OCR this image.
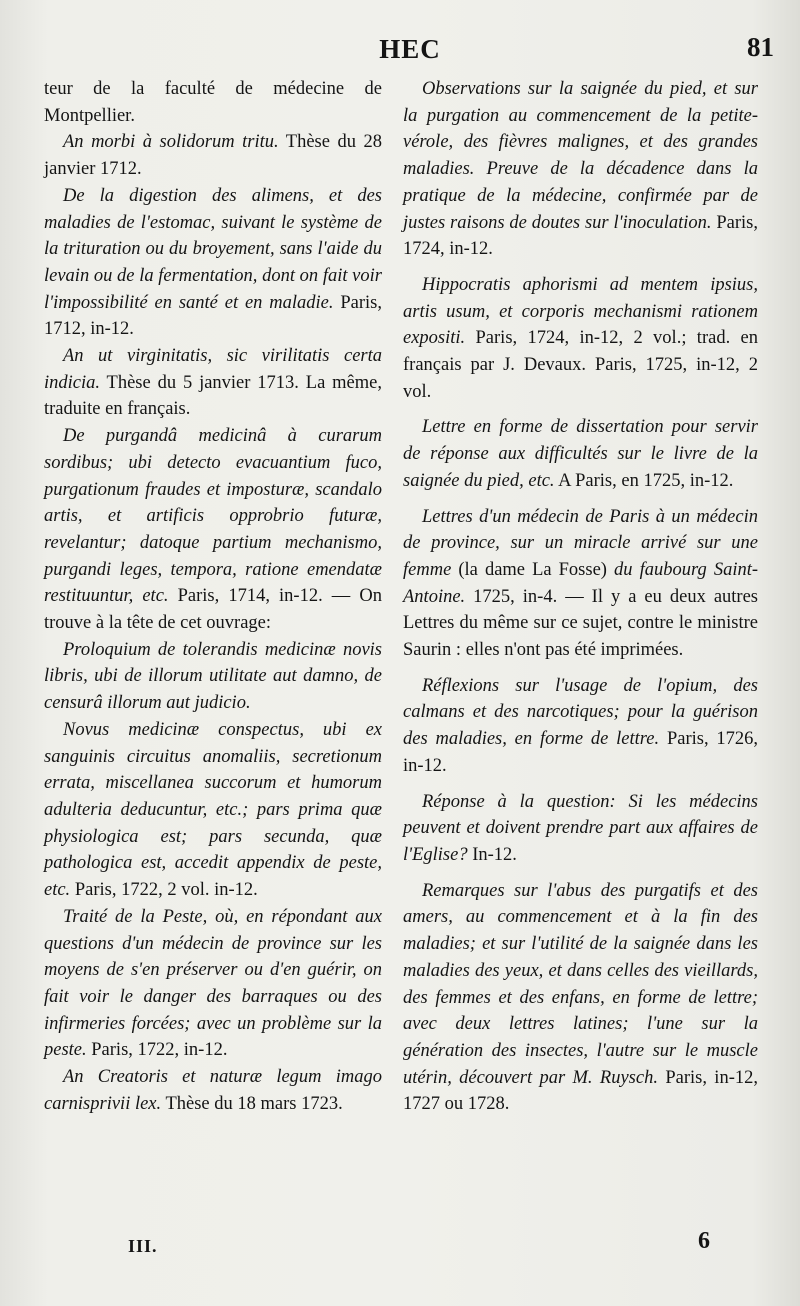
HEC	81

teur de la faculté de médecine de Montpellier.

An morbi à solidorum tritu. Thèse du 28 janvier 1712.

De la digestion des alimens, et des maladies de l'estomac, suivant le système de la trituration ou du broyement, sans l'aide du levain ou de la fermentation, dont on fait voir l'impossibilité en santé et en maladie. Paris, 1712, in-12.

An ut virginitatis, sic virilitatis certa indicia. Thèse du 5 janvier 1713. La même, traduite en français.

De purgandâ medicinâ à curarum sordibus; ubi detecto evacuantium fuco, purgationum fraudes et imposturæ, scandalo artis, et artificis opprobrio futuræ, revelantur; datoque partium mechanismo, purgandi leges, tempora, ratione emendatæ restituuntur, etc. Paris, 1714, in-12. — On trouve à la tête de cet ouvrage:

Proloquium de tolerandis medicinæ novis libris, ubi de illorum utilitate aut damno, de censurâ illorum aut judicio.

Novus medicinæ conspectus, ubi ex sanguinis circuitus anomaliis, secretionum errata, miscellanea succorum et humorum adulteria deducuntur, etc.; pars prima quæ physiologica est; pars secunda, quæ pathologica est, accedit appendix de peste, etc. Paris, 1722, 2 vol. in-12.

Traité de la Peste, où, en répondant aux questions d'un médecin de province sur les moyens de s'en préserver ou d'en guérir, on fait voir le danger des barraques ou des infirmeries forcées; avec un problème sur la peste. Paris, 1722, in-12.

An Creatoris et naturæ legum imago carnisprivii lex. Thèse du 18 mars 1723.

Observations sur la saignée du pied, et sur la purgation au commencement de la petite-vérole, des fièvres malignes, et des grandes maladies. Preuve de la décadence dans la pratique de la médecine, confirmée par de justes raisons de doutes sur l'inoculation. Paris, 1724, in-12.

Hippocratis aphorismi ad mentem ipsius, artis usum, et corporis mechanismi rationem expositi. Paris, 1724, in-12, 2 vol.; trad. en français par J. Devaux. Paris, 1725, in-12, 2 vol.

Lettre en forme de dissertation pour servir de réponse aux difficultés sur le livre de la saignée du pied, etc. A Paris, en 1725, in-12.

Lettres d'un médecin de Paris à un médecin de province, sur un miracle arrivé sur une femme (la dame La Fosse) du faubourg Saint-Antoine. 1725, in-4. — Il y a eu deux autres Lettres du même sur ce sujet, contre le ministre Saurin : elles n'ont pas été imprimées.

Réflexions sur l'usage de l'opium, des calmans et des narcotiques; pour la guérison des maladies, en forme de lettre. Paris, 1726, in-12.

Réponse à la question: Si les médecins peuvent et doivent prendre part aux affaires de l'Eglise? In-12.

Remarques sur l'abus des purgatifs et des amers, au commencement et à la fin des maladies; et sur l'utilité de la saignée dans les maladies des yeux, et dans celles des vieillards, des femmes et des enfans, en forme de lettre; avec deux lettres latines; l'une sur la génération des insectes, l'autre sur le muscle utérin, découvert par M. Ruysch. Paris, in-12, 1727 ou 1728.

III.	6
